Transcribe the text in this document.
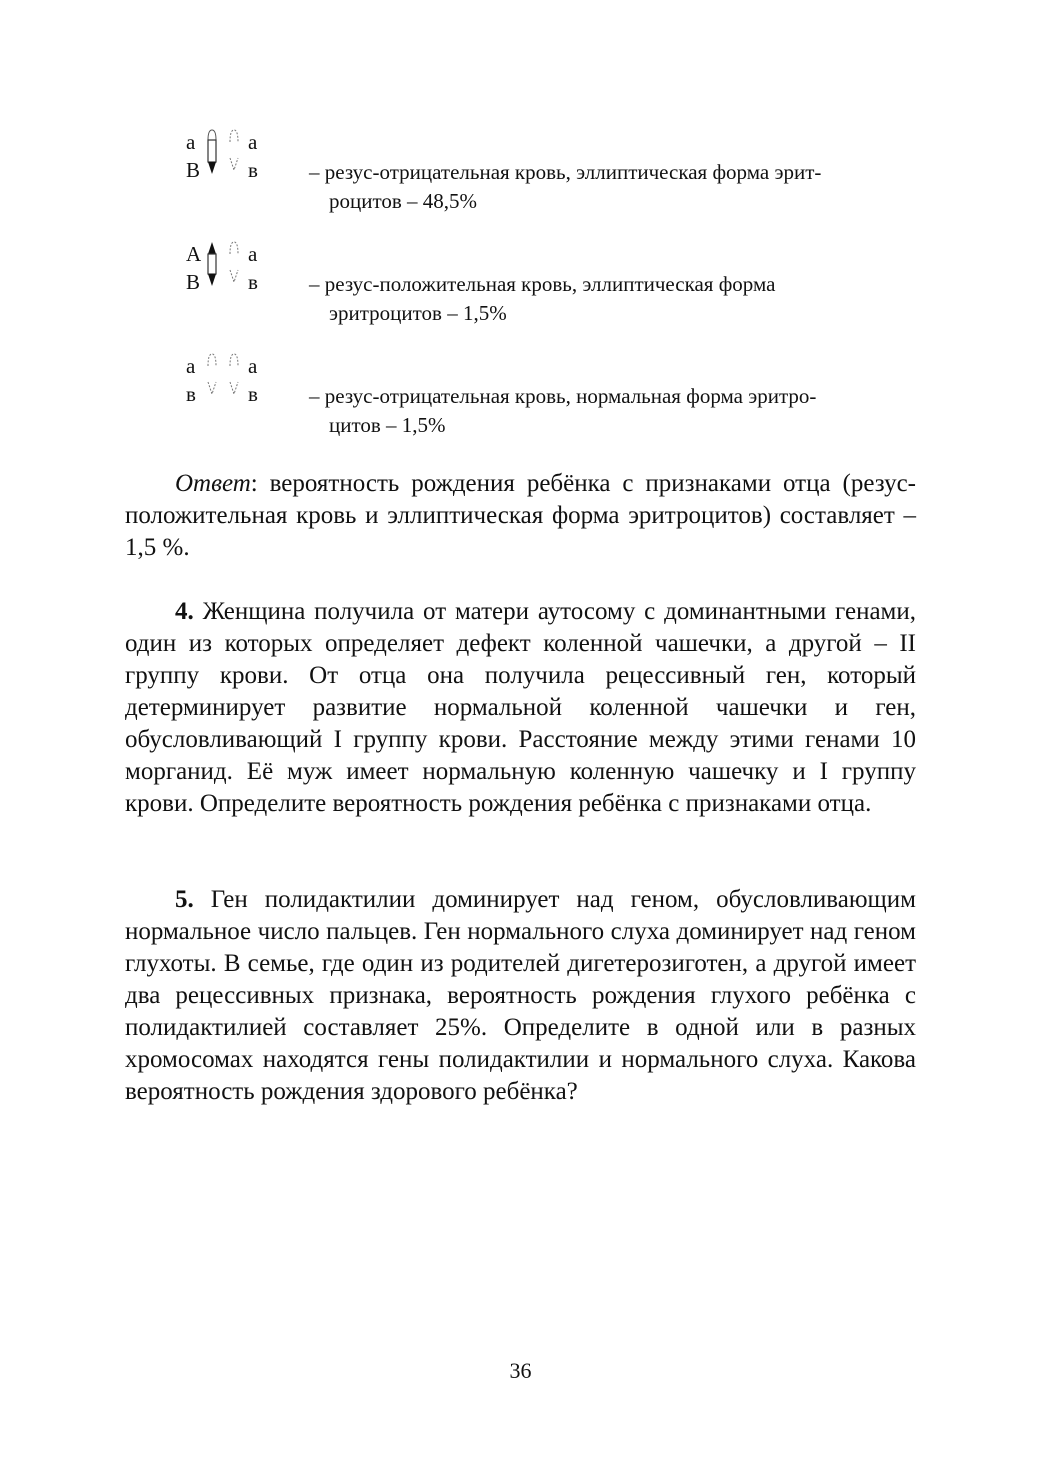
а
В
а
в – резус-отрицательная кровь, эллиптическая форма эрит-
роцитов – 48,5%
А
В
а
в – резус-положительная кровь, эллиптическая форма
эритроцитов – 1,5%
а
в
а
в – резус-отрицательная кровь, нормальная форма эритро-
цитов – 1,5%

Ответ: вероятность рождения ребёнка с признаками отца (резус-положительная кровь и эллиптическая форма эритроцитов) составляет – 1,5 %.

4. Женщина получила от матери аутосому с доминантными генами, один из которых определяет дефект коленной чашечки, а другой – II группу крови. От отца она получила рецессивный ген, который детерминирует развитие нормальной коленной чашечки и ген, обусловливающий I группу крови. Расстояние между этими генами 10 морганид. Её муж имеет нормальную коленную чашечку и I группу крови. Определите вероятность рождения ребёнка с признаками отца.

5. Ген полидактилии доминирует над геном, обусловливающим нормальное число пальцев. Ген нормального слуха доминирует над геном глухоты. В семье, где один из родителей дигетерозиготен, а другой имеет два рецессивных признака, вероятность рождения глухого ребёнка с полидактилией составляет 25%. Определите в одной или в разных хромосомах находятся гены полидактилии и нормального слуха. Какова вероятность рождения здорового ребёнка?

36
